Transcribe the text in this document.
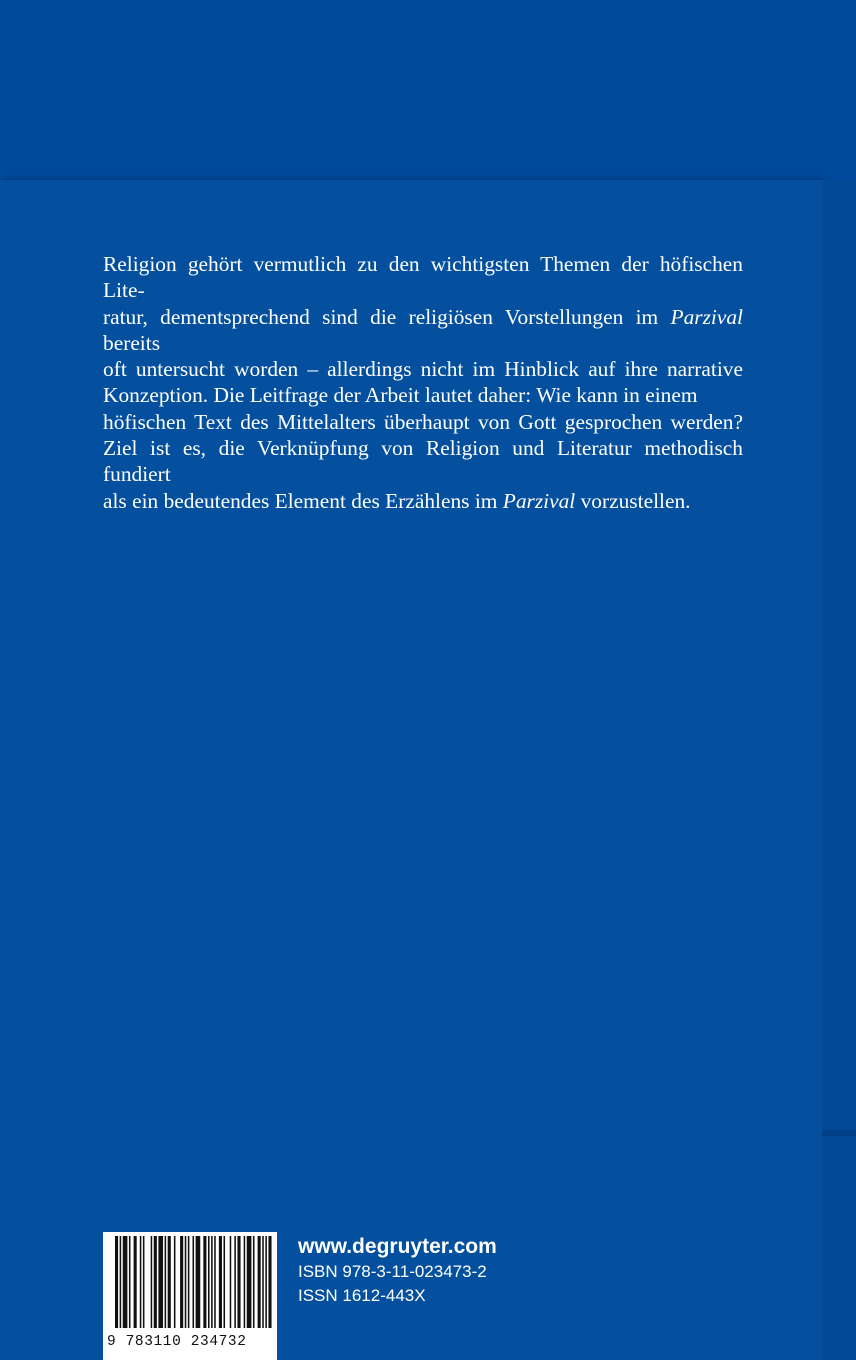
Religion gehört vermutlich zu den wichtigsten Themen der höfischen Lite-
ratur, dementsprechend sind die religiösen Vorstellungen im Parzival bereits
oft untersucht worden – allerdings nicht im Hinblick auf ihre narrative
Konzeption. Die Leitfrage der Arbeit lautet daher: Wie kann in einem
höfischen Text des Mittelalters überhaupt von Gott gesprochen werden?
Ziel ist es, die Verknüpfung von Religion und Literatur methodisch fundiert
als ein bedeutendes Element des Erzählens im Parzival vorzustellen.
9 783110 234732
www.degruyter.com
ISBN 978-3-11-023473-2
ISSN 1612-443X
